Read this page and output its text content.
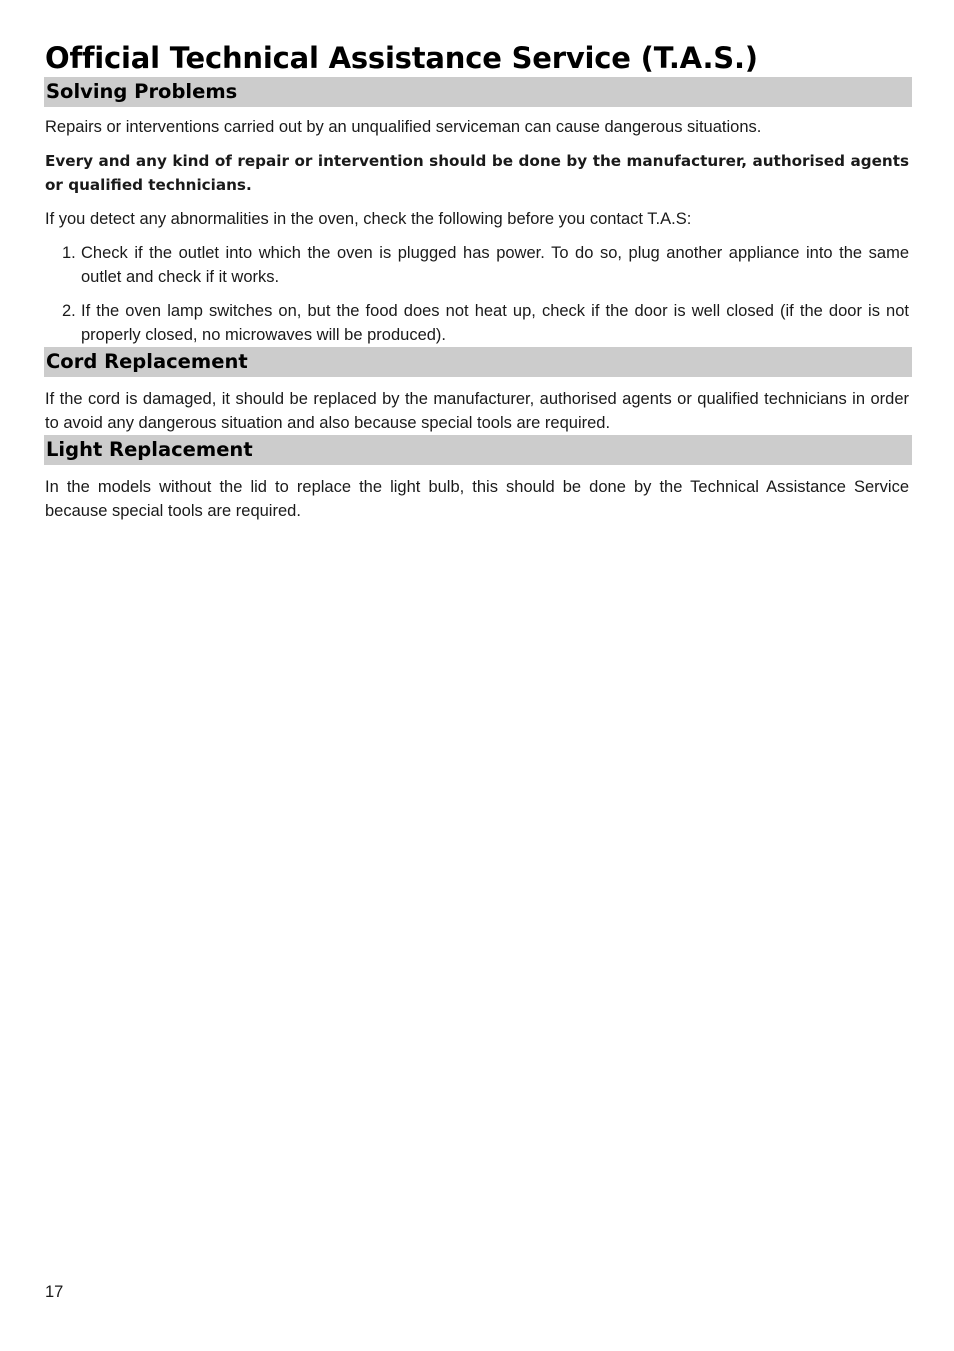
Official Technical Assistance Service (T.A.S.)
Solving Problems

Repairs or interventions carried out by an unqualified serviceman can cause dangerous situations.

Every and any kind of repair or intervention should be done by the manufacturer, authorised agents or qualified technicians.

If you detect any abnormalities in the oven, check the following before you contact T.A.S:

1. Check if the outlet into which the oven is plugged has power. To do so, plug another appliance into the same outlet and check if it works.
2. If the oven lamp switches on, but the food does not heat up, check if the door is well closed (if the door is not properly closed, no microwaves will be produced).
Cord Replacement

If the cord is damaged, it should be replaced by the manufacturer, authorised agents or qualified technicians in order to avoid any dangerous situation and also because special tools are required.

Light Replacement

In the models without the lid to replace the light bulb, this should be done by the Technical Assistance Service because special tools are required.

17
